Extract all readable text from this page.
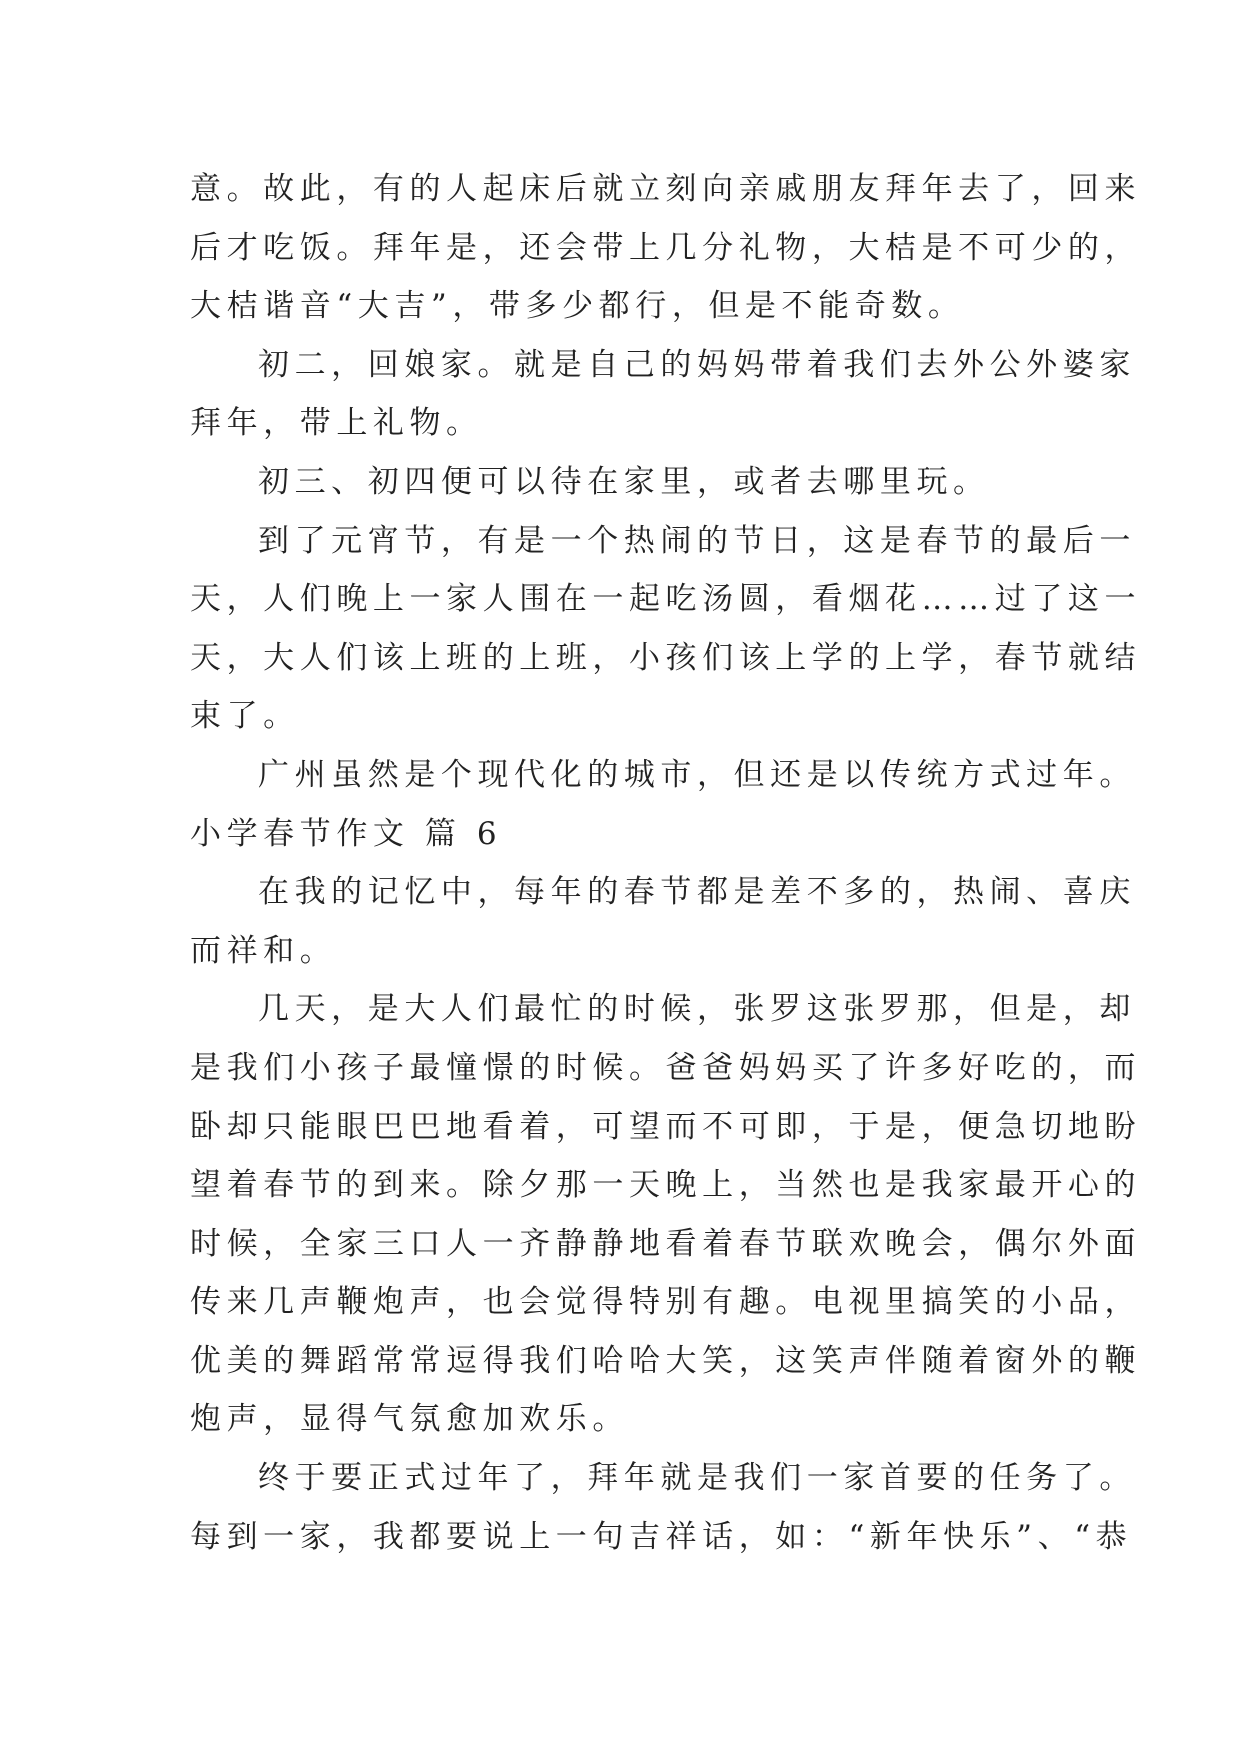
意。故此，有的人起床后就立刻向亲戚朋友拜年去了，回来
后才吃饭。拜年是，还会带上几分礼物，大桔是不可少的，
大桔谐音“大吉”，带多少都行，但是不能奇数。
初二，回娘家。就是自己的妈妈带着我们去外公外婆家
拜年，带上礼物。
初三、初四便可以待在家里，或者去哪里玩。
到了元宵节，有是一个热闹的节日，这是春节的最后一
天，人们晚上一家人围在一起吃汤圆，看烟花……过了这一
天，大人们该上班的上班，小孩们该上学的上学，春节就结
束了。
广州虽然是个现代化的城市，但还是以传统方式过年。
小学春节作文 篇 6
在我的记忆中，每年的春节都是差不多的，热闹、喜庆
而祥和。
几天，是大人们最忙的时候，张罗这张罗那，但是，却
是我们小孩子最憧憬的时候。爸爸妈妈买了许多好吃的，而
卧却只能眼巴巴地看着，可望而不可即，于是，便急切地盼
望着春节的到来。除夕那一天晚上，当然也是我家最开心的
时候，全家三口人一齐静静地看着春节联欢晚会，偶尔外面
传来几声鞭炮声，也会觉得特别有趣。电视里搞笑的小品，
优美的舞蹈常常逗得我们哈哈大笑，这笑声伴随着窗外的鞭
炮声，显得气氛愈加欢乐。
终于要正式过年了，拜年就是我们一家首要的任务了。
每到一家，我都要说上一句吉祥话，如：“新年快乐”、“恭
